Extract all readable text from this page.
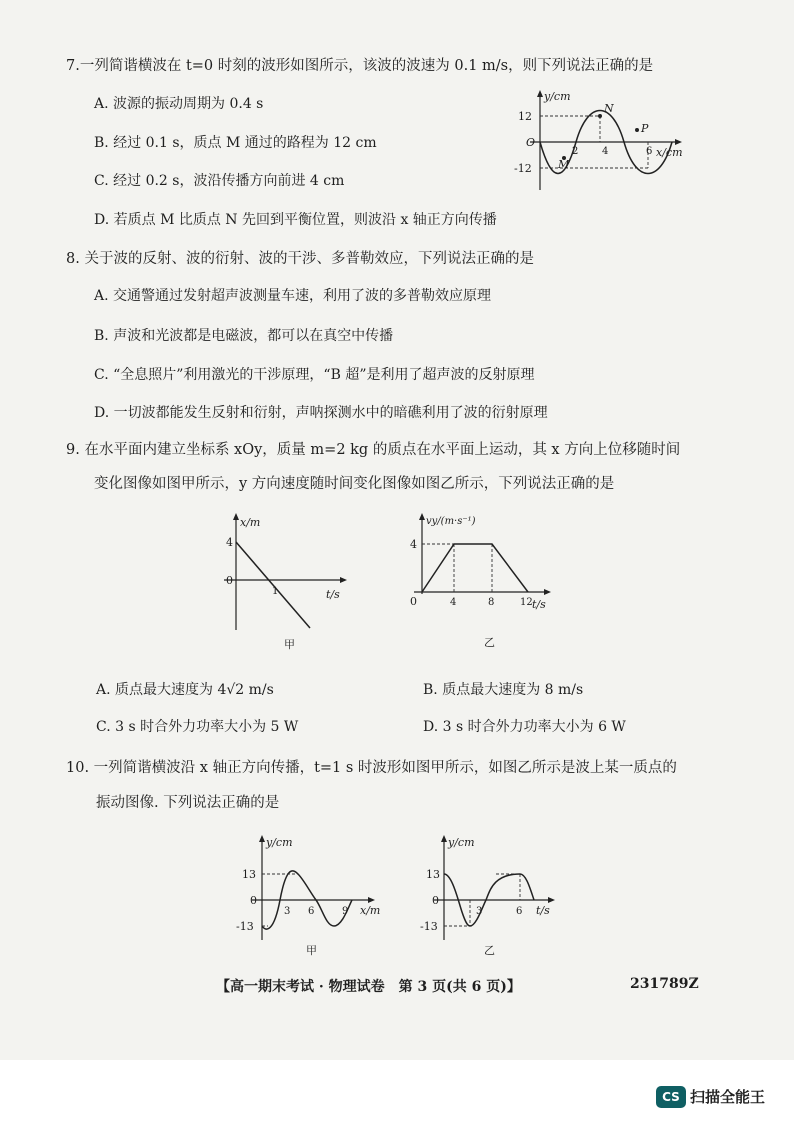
7.一列简谐横波在 t=0 时刻的波形如图所示，该波的波速为 0.1 m/s，则下列说法正确的是
A. 波源的振动周期为 0.4 s
B. 经过 0.1 s，质点 M 通过的路程为 12 cm
C. 经过 0.2 s，波沿传播方向前进 4 cm
D. 若质点 M 比质点 N 先回到平衡位置，则波沿 x 轴正方向传播
y/cm
x/cm
12
-12
O
2 4	6
N
P
M
8. 关于波的反射、波的衍射、波的干涉、多普勒效应，下列说法正确的是
A. 交通警通过发射超声波测量车速，利用了波的多普勒效应原理
B. 声波和光波都是电磁波，都可以在真空中传播
C. “全息照片”利用激光的干涉原理，“B 超”是利用了超声波的反射原理
D. 一切波都能发生反射和衍射，声呐探测水中的暗礁利用了波的衍射原理
9. 在水平面内建立坐标系 xOy，质量 m=2 kg 的质点在水平面上运动，其 x 方向上位移随时间
变化图像如图甲所示，y 方向速度随时间变化图像如图乙所示，下列说法正确的是
x/m
t/s
4
0
1
甲
vy/(m·s⁻¹)
t/s
4
0	4	8	12
乙
A. 质点最大速度为 4√2 m/s	B. 质点最大速度为 8 m/s
C. 3 s 时合外力功率大小为 5 W	D. 3 s 时合外力功率大小为 6 W
10. 一列简谐横波沿 x 轴正方向传播，t=1 s 时波形如图甲所示，如图乙所示是波上某一质点的
振动图像. 下列说法正确的是
y/cm
x/m
13
-13
0
3 6	9
甲
y/cm
t/s
13
-13
0
3	6
乙
【高一期末考试 · 物理试卷　第 3 页(共 6 页)】	231789Z
CS 扫描全能王
